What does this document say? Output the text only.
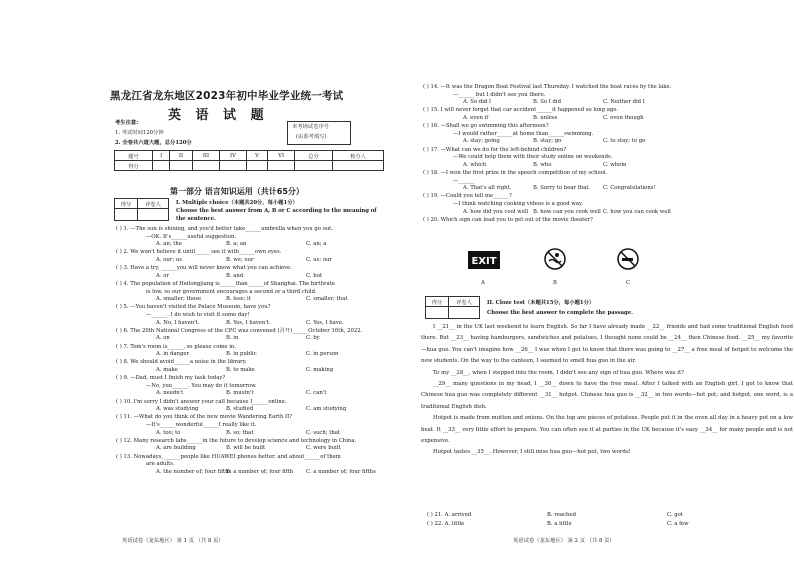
黑龙江省龙东地区2023年初中毕业学业统一考试
英 语 试 题
考生注意:
1. 考试时间120分钟
2. 全卷共六道大题，总分120分
本考场试卷序号
(由监考填写)
题号	I	II	III	IV	V	VI	总分	核分人
得分								
第一部分 语言知识运用（共计65分）
得分	评卷人
		I. Multiple choice（本题共20分，每小题1分）
Choose the best answer from A, B or C according to the meaning of
the sentence.
( ) 1. —The sun is shining, and you'd better take______umbrella when you go out.
—OK. It's______useful suggestion.
A. an; the	B. a; an	C. an; a
( ) 2. We won't believe it until______see it with______own eyes.
A. our; us	B. we; our	C. us; our
( ) 3. Have a try, ______you will never know what you can achieve.
A. or	B. and	C. but
( ) 4. The population of Heilongjiang is______than______of Shanghai. The birthrate
is low, so our government encourages a second or a third child.
A. smaller; those	B. less; it	C. smaller; that
( ) 5. —You haven't visited the Palace Museum, have you?
—______. I do wish to visit it some day!
A. No, I haven't.	B. Yes, I haven't.	C. Yes, I have.
( ) 6. The 20th National Congress of the CPC was convened (召开)______October 16th, 2022.
A. on	B. in	C. by
( ) 7. Tom's room is______, so please come in.
A. in danger	B. in public	C. in person
( ) 8. We should avoid______a noise in the library.
A. make	B. to make	C. making
( ) 9. —Dad, must I finish my task today?
—No, you______. You may do it tomorrow.
A. needn't	B. mustn't	C. can't
( ) 10. I'm sorry I didn't answer your call because I______online.
A. was studying	B. studied	C. am studying
( ) 11. —What do you think of the new movie Wandering Earth II?
—It's______wonderful______I really like it.
A. too; to	B. so; that	C. such; that
( ) 12. Many research labs______in the future to develop science and technology in China.
A. are building	B. will be built	C. were built
( ) 13. Nowadays, ______people like HUAWEI phones better, and about______of them
are adults.
A. the number of; four fifths
B. a number of; four fifth C. a number of; four fifths
英语试卷（龙东地区） 第 1 页 （共 8 页）
( ) 14. —It was the Dragon Boat Festival last Thursday. I watched the boat races by the lake.
—______ but I didn't see you there.
A. So did I	B. So I did	C. Neither did I
( ) 15. I will never forget that car accident______it happened so long ago.
A. even if	B. unless	C. even though
( ) 16. —Shall we go swimming this afternoon?
—I would rather______at home than______swimming.
A. stay; going	B. stay; go	C. to stay; to go
( ) 17. —What can we do for the left-behind children?
—We could help them with their study online on weekends.
A. which	B. who	C. whom
( ) 18. —I won the first prize in the speech competition of my school.
—______
A. That's all right.	B. Sorry to hear that. C. Congratulations!
( ) 19. —Could you tell me______?
—I think watching cooking videos is a good way.
A. how did you cool well B. how can you cook well C. how you can cook well
( ) 20. Which sign can lead you to get out of the movie theater?
EXIT
A	B	C
得分	评卷人
		II. Cloze test（本题共15分，每小题1分）
Choose the best answer to complete the passage.

I __21__ in the UK last weekend to learn English. So far I have already made __22__ friends and had some traditional English food there. But __23__ having hamburgers, sandwiches and potatoes, I thought none could be __24__ then Chinese food. __25__ my favorite—hua guo. You can't imagine how __26__ I was when I got to know that there was going to __27__ a free meal of hotpot to welcome the new students. On the way to the canteen, I seemed to smell hua guo in the air.

To my __28__, when I stepped into the room, I didn't see any sign of hua guo. Where was it?

__29__ many questions in my head, I __30__ down to have the free meal. After I talked with an English girl, I got to know that Chinese hua guo was completely different __31__ hotpot. Chinese hua guo is __32__ in two words—hot pot; and hotpot, one word, is a traditional English dish.

Hotpot is made from mutton and onions. On the top are pieces of potatoes. People put it in the oven all day in a heavy pot on a low heat. It __33__ very little effort to prepare. You can often see it at parties in the UK because it's easy __34__ for many people and is not expensive.

Hotpot tastes __35__. However, I still miss hua guo—hot pot, two words!

( ) 21. A. arrived	B. reached	C. got
( ) 22. A. little	B. a little	C. a few
英语试卷（龙东地区） 第 2 页 （共 8 页）
